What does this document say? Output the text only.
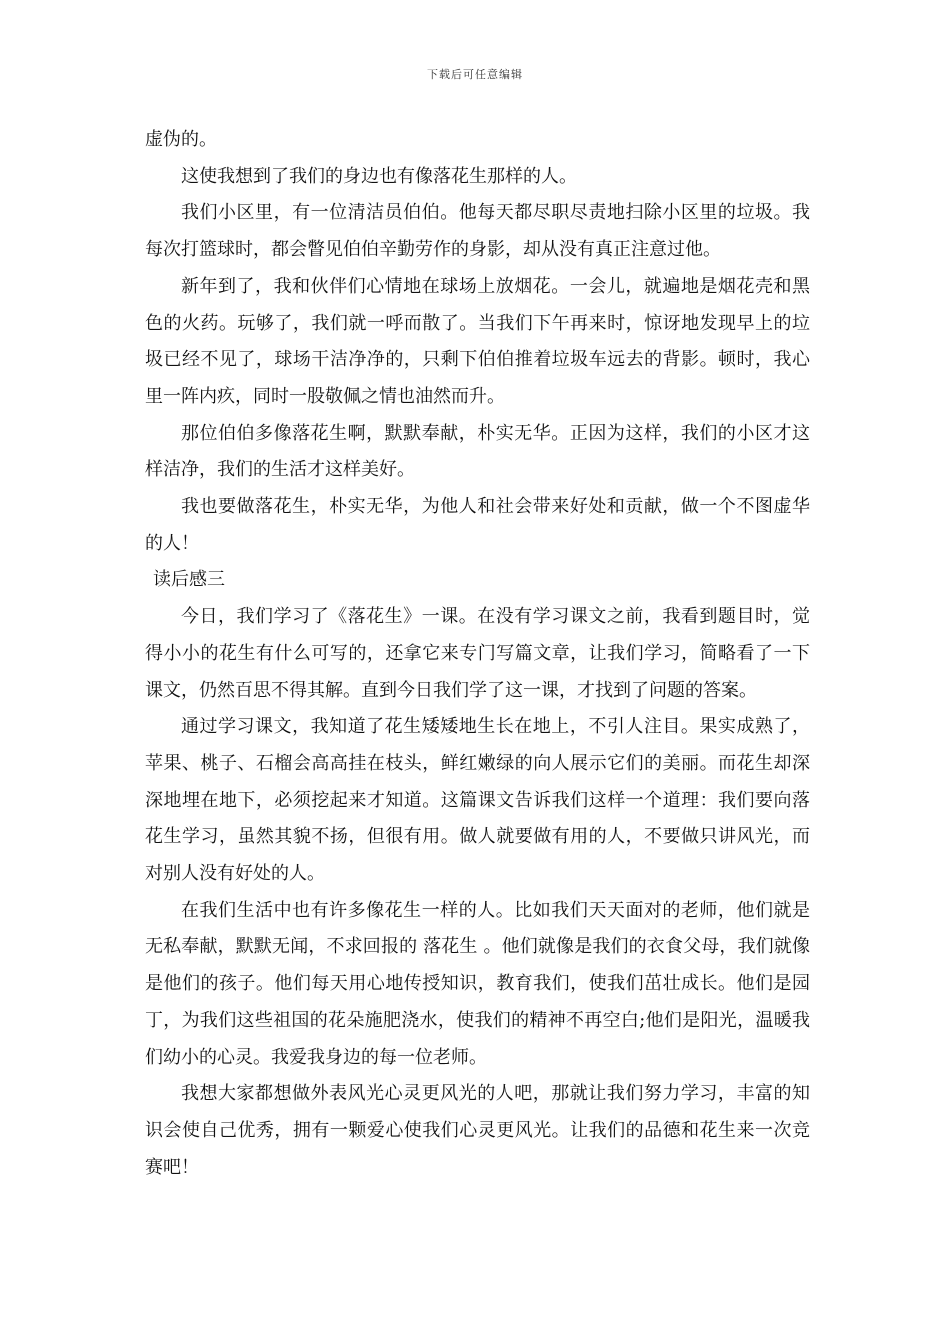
下载后可任意编辑

虚伪的。

这使我想到了我们的身边也有像落花生那样的人。

我们小区里，有一位清洁员伯伯。他每天都尽职尽责地扫除小区里的垃圾。我每次打篮球时，都会瞥见伯伯辛勤劳作的身影，却从没有真正注意过他。

新年到了，我和伙伴们心情地在球场上放烟花。一会儿，就遍地是烟花壳和黑色的火药。玩够了，我们就一呼而散了。当我们下午再来时，惊讶地发现早上的垃圾已经不见了，球场干洁净净的，只剩下伯伯推着垃圾车远去的背影。顿时，我心里一阵内疚，同时一股敬佩之情也油然而升。

那位伯伯多像落花生啊，默默奉献，朴实无华。正因为这样，我们的小区才这样洁净，我们的生活才这样美好。

我也要做落花生，朴实无华，为他人和社会带来好处和贡献，做一个不图虚华的人！

读后感三

今日，我们学习了《落花生》一课。在没有学习课文之前，我看到题目时，觉得小小的花生有什么可写的，还拿它来专门写篇文章，让我们学习，简略看了一下课文，仍然百思不得其解。直到今日我们学了这一课，才找到了问题的答案。

通过学习课文，我知道了花生矮矮地生长在地上，不引人注目。果实成熟了，苹果、桃子、石榴会高高挂在枝头，鲜红嫩绿的向人展示它们的美丽。而花生却深深地埋在地下，必须挖起来才知道。这篇课文告诉我们这样一个道理：我们要向落花生学习，虽然其貌不扬，但很有用。做人就要做有用的人，不要做只讲风光，而对别人没有好处的人。

在我们生活中也有许多像花生一样的人。比如我们天天面对的老师，他们就是无私奉献，默默无闻，不求回报的 落花生 。他们就像是我们的衣食父母，我们就像是他们的孩子。他们每天用心地传授知识，教育我们，使我们茁壮成长。他们是园丁，为我们这些祖国的花朵施肥浇水，使我们的精神不再空白;他们是阳光，温暖我们幼小的心灵。我爱我身边的每一位老师。

我想大家都想做外表风光心灵更风光的人吧，那就让我们努力学习，丰富的知识会使自己优秀，拥有一颗爱心使我们心灵更风光。让我们的品德和花生来一次竞赛吧！
